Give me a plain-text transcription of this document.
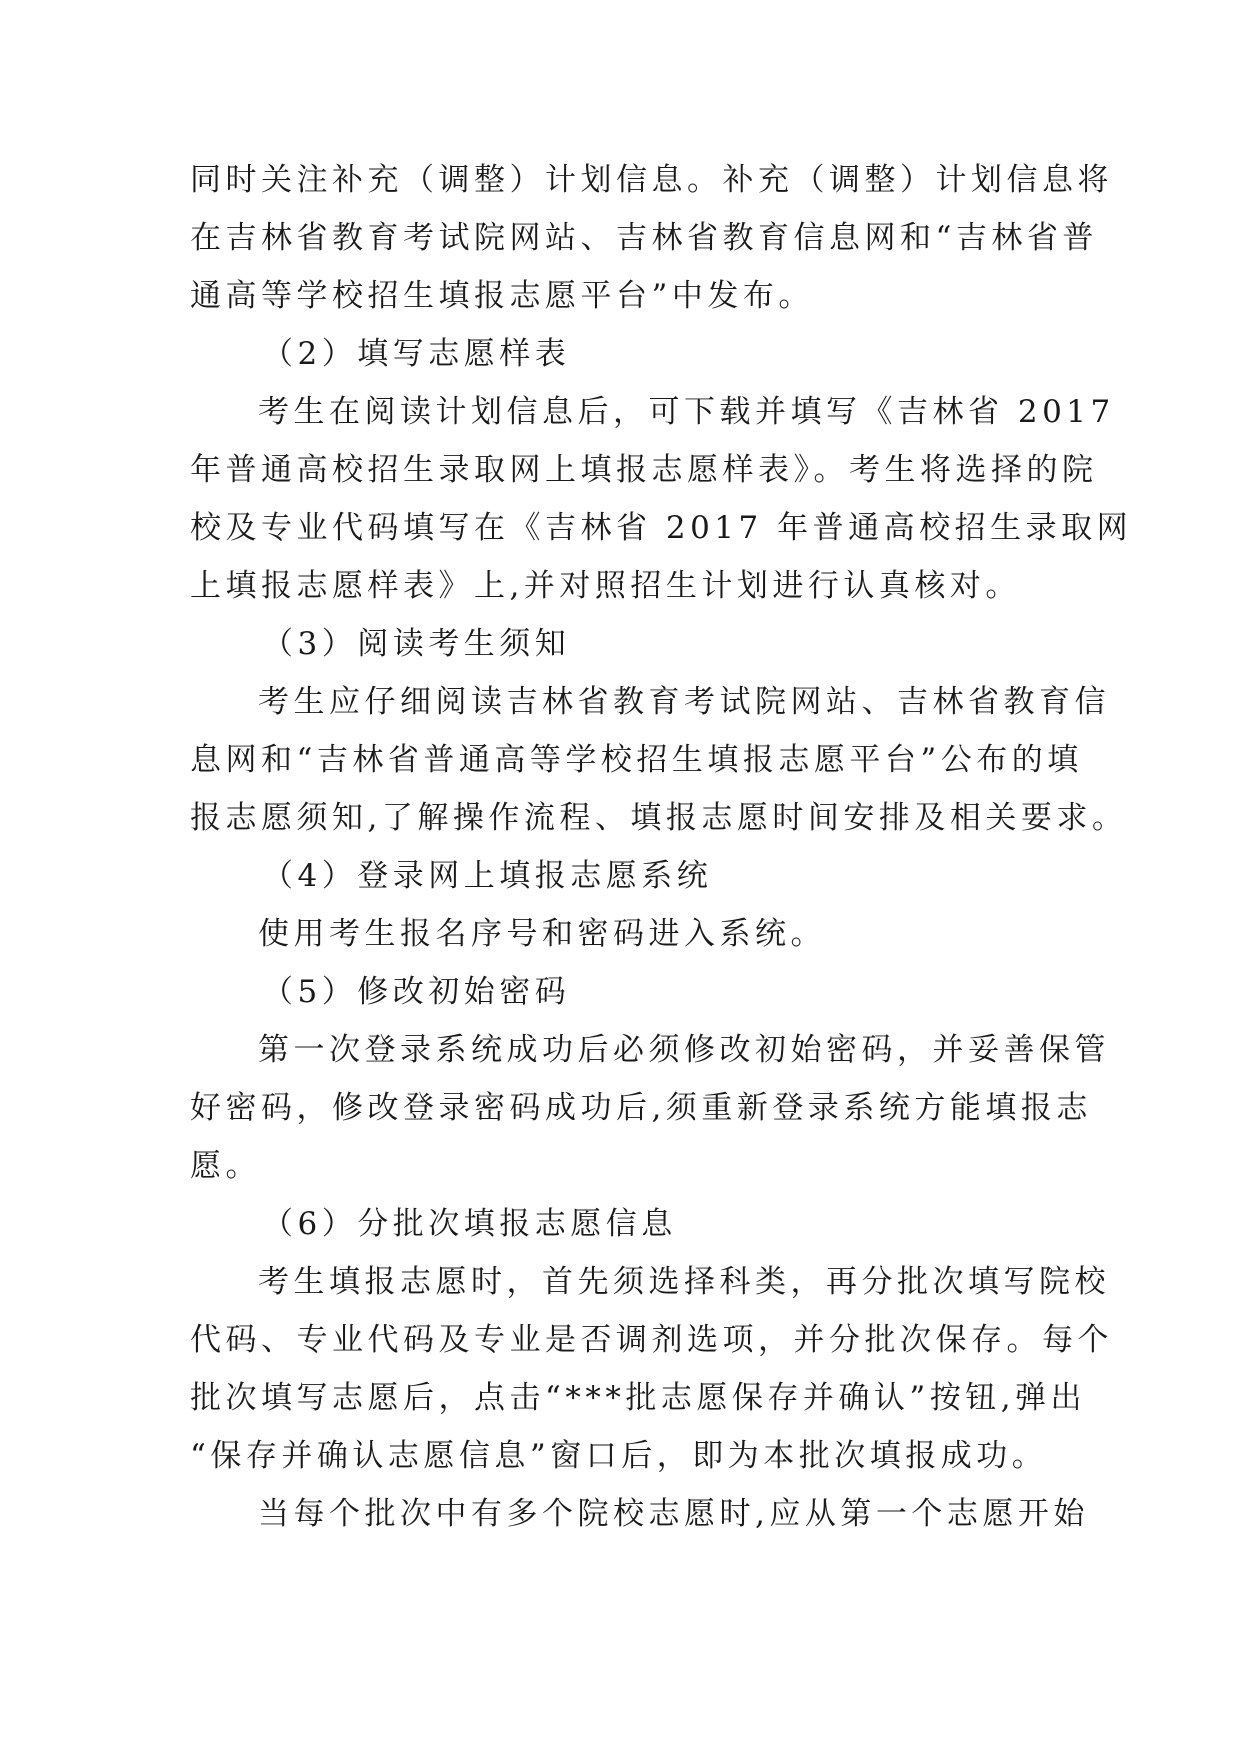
同时关注补充（调整）计划信息。补充（调整）计划信息将
在吉林省教育考试院网站、吉林省教育信息网和“吉林省普
通高等学校招生填报志愿平台”中发布。
（2）填写志愿样表
考生在阅读计划信息后，可下载并填写《吉林省 2017
年普通高校招生录取网上填报志愿样表》。考生将选择的院
校及专业代码填写在《吉林省 2017 年普通高校招生录取网
上填报志愿样表》上,并对照招生计划进行认真核对。
（3）阅读考生须知
考生应仔细阅读吉林省教育考试院网站、吉林省教育信
息网和“吉林省普通高等学校招生填报志愿平台”公布的填
报志愿须知,了解操作流程、填报志愿时间安排及相关要求。
（4）登录网上填报志愿系统
使用考生报名序号和密码进入系统。
（5）修改初始密码
第一次登录系统成功后必须修改初始密码，并妥善保管
好密码，修改登录密码成功后,须重新登录系统方能填报志
愿。
（6）分批次填报志愿信息
考生填报志愿时，首先须选择科类，再分批次填写院校
代码、专业代码及专业是否调剂选项，并分批次保存。每个
批次填写志愿后，点击“***批志愿保存并确认”按钮,弹出
“保存并确认志愿信息”窗口后，即为本批次填报成功。
当每个批次中有多个院校志愿时,应从第一个志愿开始
